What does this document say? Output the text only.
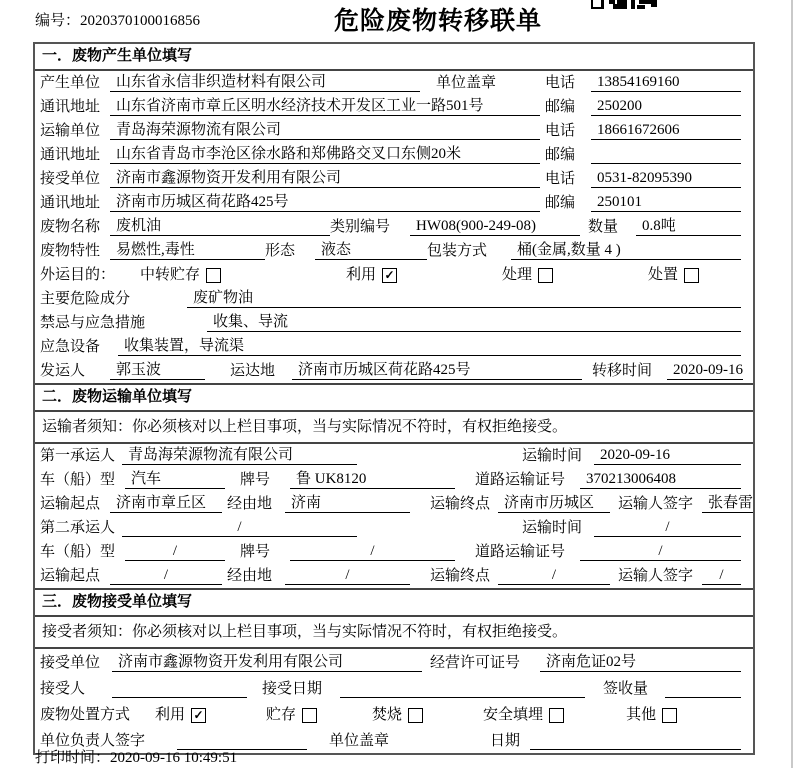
编号：2020370100016856	危险废物转移联单
一．废物产生单位填写
产生单位	山东省永信非织造材料有限公司	单位盖章	电话	13854169160
通讯地址	山东省济南市章丘区明水经济技术开发区工业一路501号	邮编	250200
运输单位	青岛海荣源物流有限公司	电话	18661672606
通讯地址	山东省青岛市李沧区徐水路和郑佛路交叉口东侧20米	邮编
接受单位	济南市鑫源物资开发利用有限公司	电话	0531-82095390
通讯地址	济南市历城区荷花路425号	邮编	250101
废物名称	废机油	类别编号	HW08(900-249-08)	数量	0.8吨
废物特性	易燃性,毒性	形态	液态	包装方式	桶(金属,数量 4 )
外运目的：	中转贮存	利用 ✓	处理	处置
主要危险成分	废矿物油
禁忌与应急措施	收集、导流
应急设备	收集装置，导流渠
发运人	郭玉波	运达地	济南市历城区荷花路425号	转移时间	2020-09-16
二．废物运输单位填写
运输者须知：你必须核对以上栏目事项，当与实际情况不符时，有权拒绝接受。
第一承运人 青岛海荣源物流有限公司	运输时间	2020-09-16
车（船）型	汽车	牌号	鲁 UK8120	道路运输证号	370213006408
运输起点	济南市章丘区	经由地	济南	运输终点 济南市历城区	运输人签字 张春雷
第二承运人	/	运输时间	/
车（船）型	/	牌号	/	道路运输证号	/
运输起点	/	经由地	/	运输终点	/	运输人签字	/
三．废物接受单位填写
接受者须知：你必须核对以上栏目事项，当与实际情况不符时，有权拒绝接受。
接受单位	济南市鑫源物资开发利用有限公司	经营许可证号	济南危证02号
接受人	接受日期	签收量
废物处置方式	利用 ✓	贮存	焚烧	安全填埋	其他
单位负责人签字	单位盖章	日期
打印时间：2020-09-16 10:49:51
